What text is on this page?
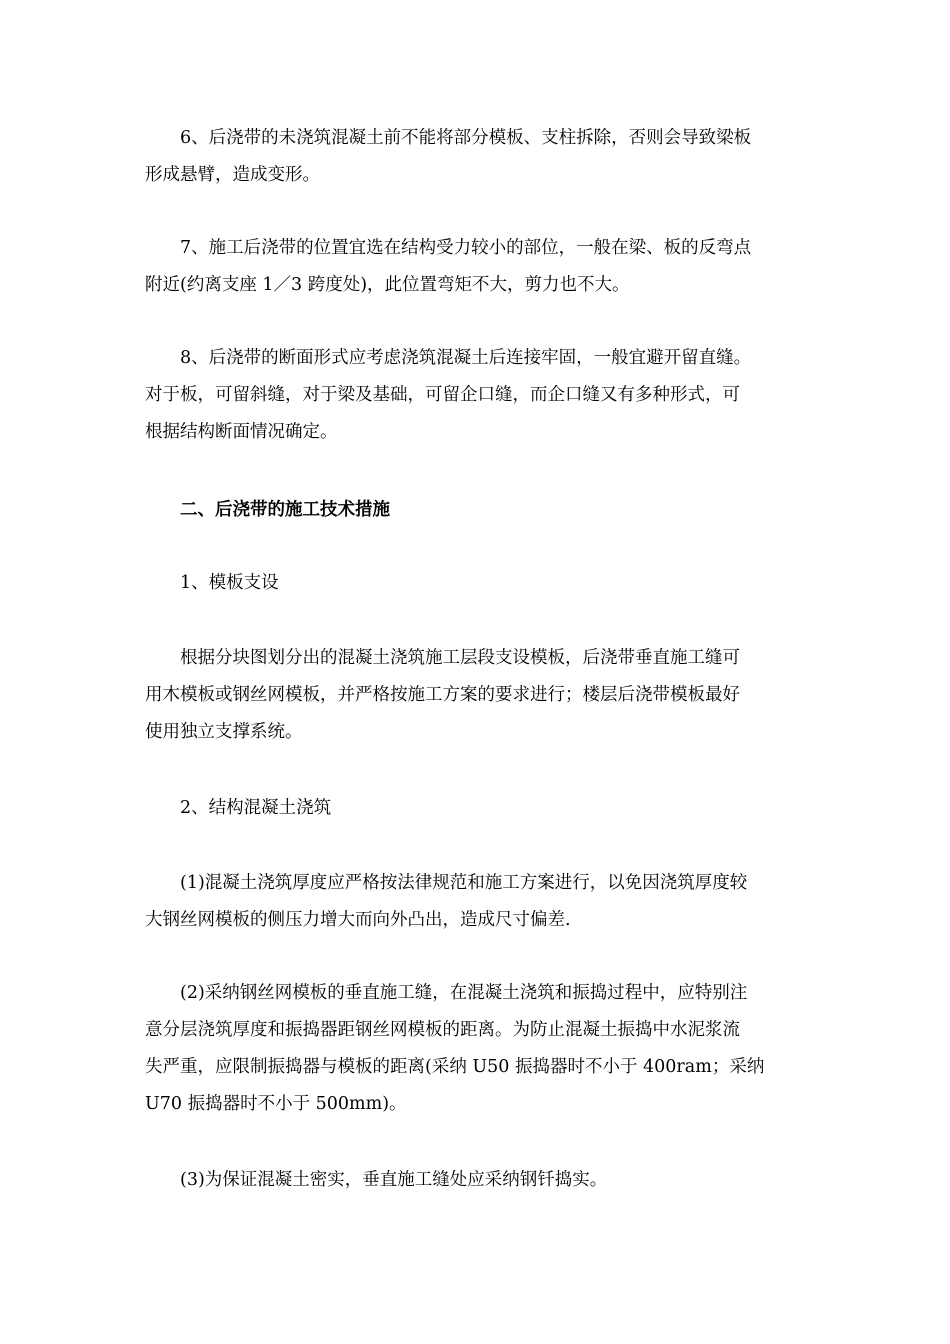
6、后浇带的未浇筑混凝土前不能将部分模板、支柱拆除，否则会导致梁板
形成悬臂，造成变形。
7、施工后浇带的位置宜选在结构受力较小的部位，一般在梁、板的反弯点
附近(约离支座 1／3 跨度处)，此位置弯矩不大，剪力也不大。
8、后浇带的断面形式应考虑浇筑混凝土后连接牢固，一般宜避开留直缝。
对于板，可留斜缝，对于梁及基础，可留企口缝，而企口缝又有多种形式，可
根据结构断面情况确定。
二、后浇带的施工技术措施
1、模板支设
根据分块图划分出的混凝土浇筑施工层段支设模板，后浇带垂直施工缝可
用木模板或钢丝网模板，并严格按施工方案的要求进行；楼层后浇带模板最好
使用独立支撑系统。
2、结构混凝土浇筑
(1)混凝土浇筑厚度应严格按法律规范和施工方案进行，以免因浇筑厚度较
大钢丝网模板的侧压力增大而向外凸出，造成尺寸偏差.
(2)采纳钢丝网模板的垂直施工缝，在混凝土浇筑和振捣过程中，应特别注
意分层浇筑厚度和振捣器距钢丝网模板的距离。为防止混凝土振捣中水泥浆流
失严重，应限制振捣器与模板的距离(采纳 U50 振捣器时不小于 400ram；采纳
U70 振捣器时不小于 500mm)。
(3)为保证混凝土密实，垂直施工缝处应采纳钢钎捣实。
